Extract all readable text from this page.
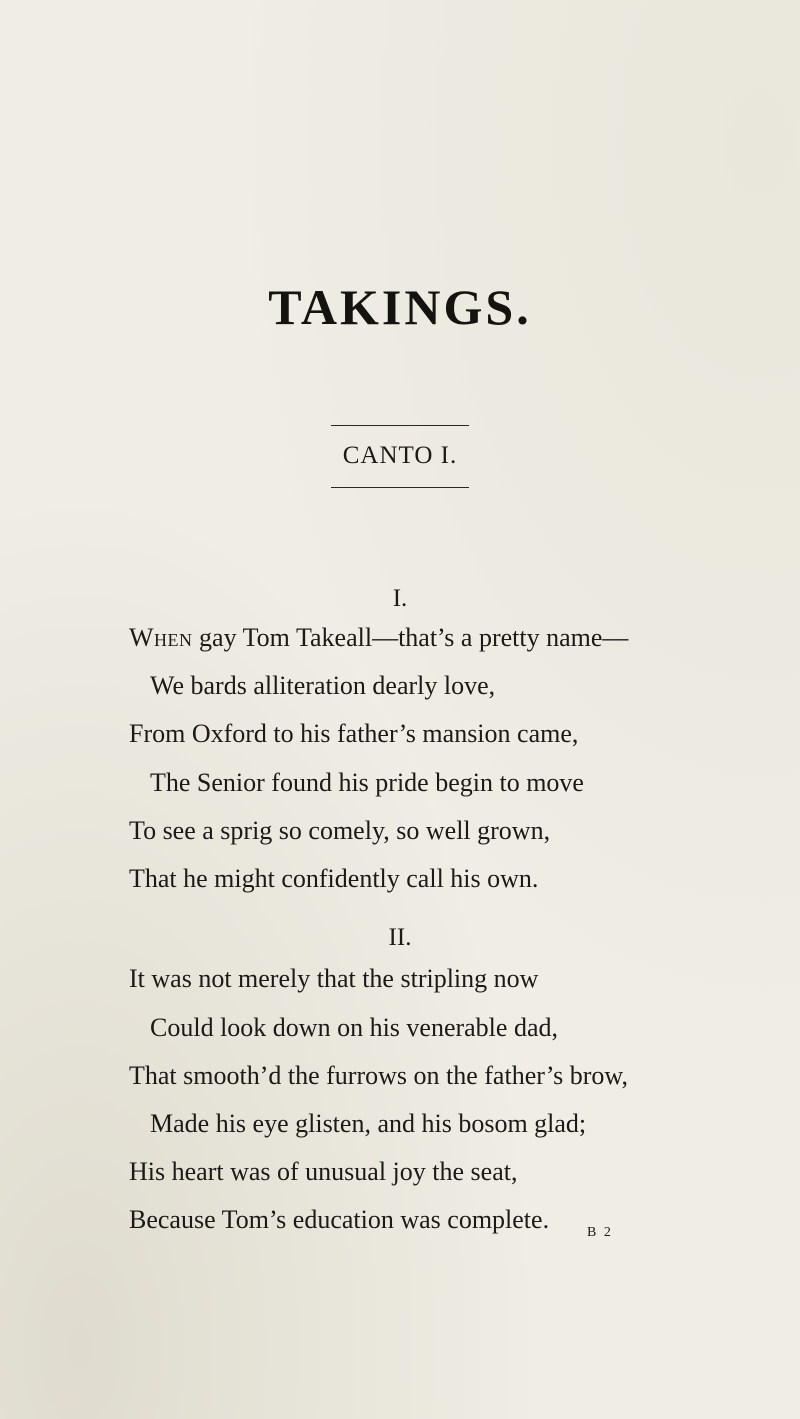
TAKINGS.
CANTO I.
I.
When gay Tom Takeall—that’s a pretty name—
We bards alliteration dearly love,
From Oxford to his father’s mansion came,
The Senior found his pride begin to move
To see a sprig so comely, so well grown,
That he might confidently call his own.
II.
It was not merely that the stripling now
Could look down on his venerable dad,
That smooth’d the furrows on the father’s brow,
Made his eye glisten, and his bosom glad;
His heart was of unusual joy the seat,
Because Tom’s education was complete.	B 2
